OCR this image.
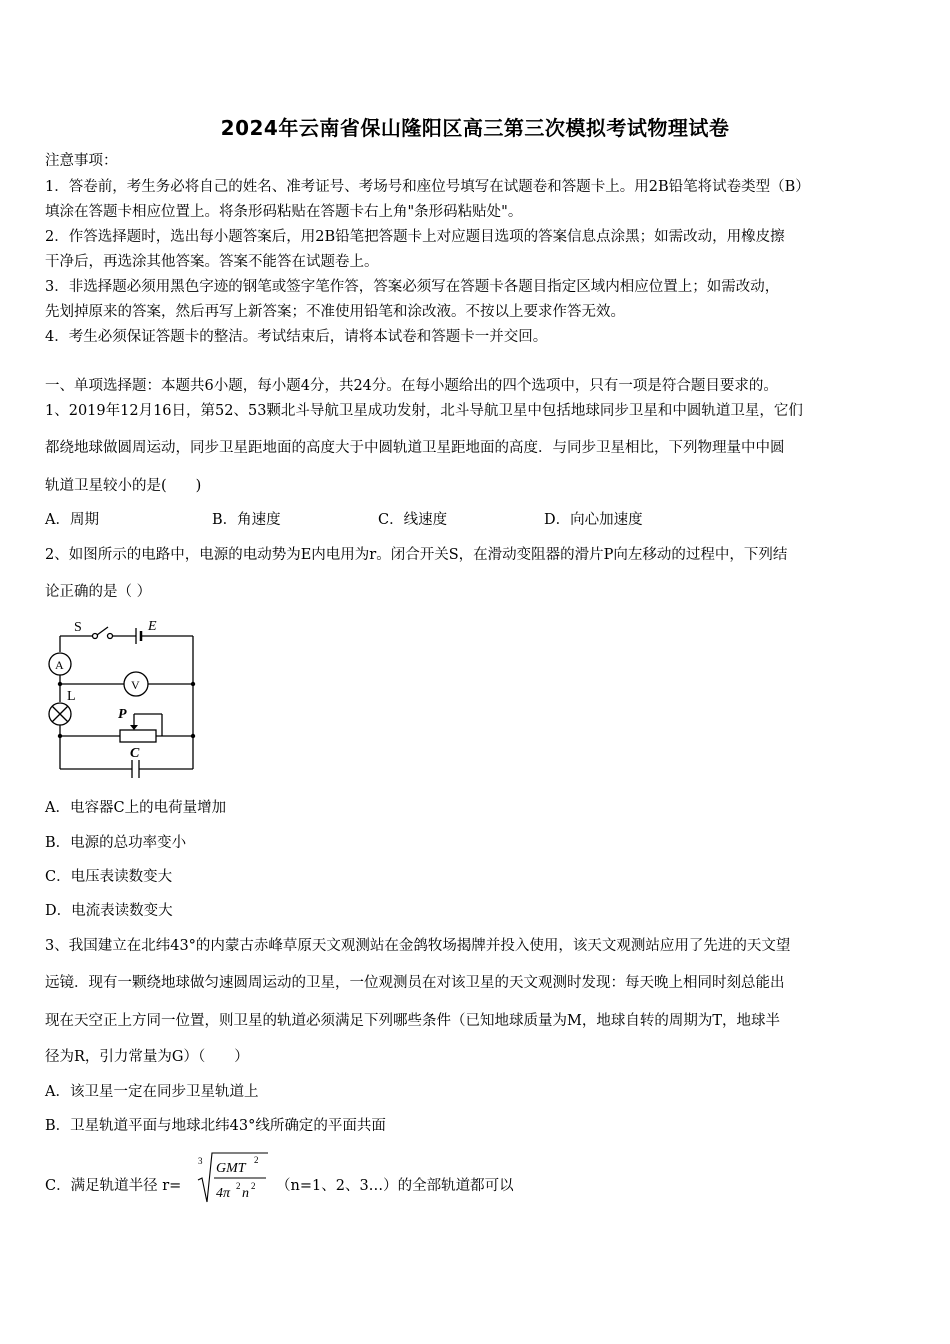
2024年云南省保山隆阳区高三第三次模拟考试物理试卷
注意事项：
1．答卷前，考生务必将自己的姓名、准考证号、考场号和座位号填写在试题卷和答题卡上。用2B铅笔将试卷类型（B）
填涂在答题卡相应位置上。将条形码粘贴在答题卡右上角"条形码粘贴处"。
2．作答选择题时，选出每小题答案后，用2B铅笔把答题卡上对应题目选项的答案信息点涂黑；如需改动，用橡皮擦
干净后，再选涂其他答案。答案不能答在试题卷上。
3．非选择题必须用黑色字迹的钢笔或签字笔作答，答案必须写在答题卡各题目指定区域内相应位置上；如需改动，
先划掉原来的答案，然后再写上新答案；不准使用铅笔和涂改液。不按以上要求作答无效。
4．考生必须保证答题卡的整洁。考试结束后，请将本试卷和答题卡一并交回。
一、单项选择题：本题共6小题，每小题4分，共24分。在每小题给出的四个选项中，只有一项是符合题目要求的。
1、2019年12月16日，第52、53颗北斗导航卫星成功发射，北斗导航卫星中包括地球同步卫星和中圆轨道卫星，它们
都绕地球做圆周运动，同步卫星距地面的高度大于中圆轨道卫星距地面的高度．与同步卫星相比，下列物理量中中圆
轨道卫星较小的是(　　)
A．周期	B．角速度	C．线速度	D．向心加速度
2、如图所示的电路中，电源的电动势为E内电用为r。闭合开关S，在滑动变阻器的滑片P向左移动的过程中，下列结
论正确的是（ ）
S	E
A
V
L
P
C
A．电容器C上的电荷量增加
B．电源的总功率变小
C．电压表读数变大
D．电流表读数变大
3、我国建立在北纬43°的内蒙古赤峰草原天文观测站在金鸽牧场揭牌并投入使用，该天文观测站应用了先进的天文望
远镜．现有一颗绕地球做匀速圆周运动的卫星，一位观测员在对该卫星的天文观测时发现：每天晚上相同时刻总能出
现在天空正上方同一位置，则卫星的轨道必须满足下列哪些条件（已知地球质量为M，地球自转的周期为T，地球半
径为R，引力常量为G）（　　）
A．该卫星一定在同步卫星轨道上
B．卫星轨道平面与地球北纬43°线所确定的平面共面
C．满足轨道半径 r=
3 GMT
2
4π 2 n 2 （n=1、2、3…）的全部轨道都可以
